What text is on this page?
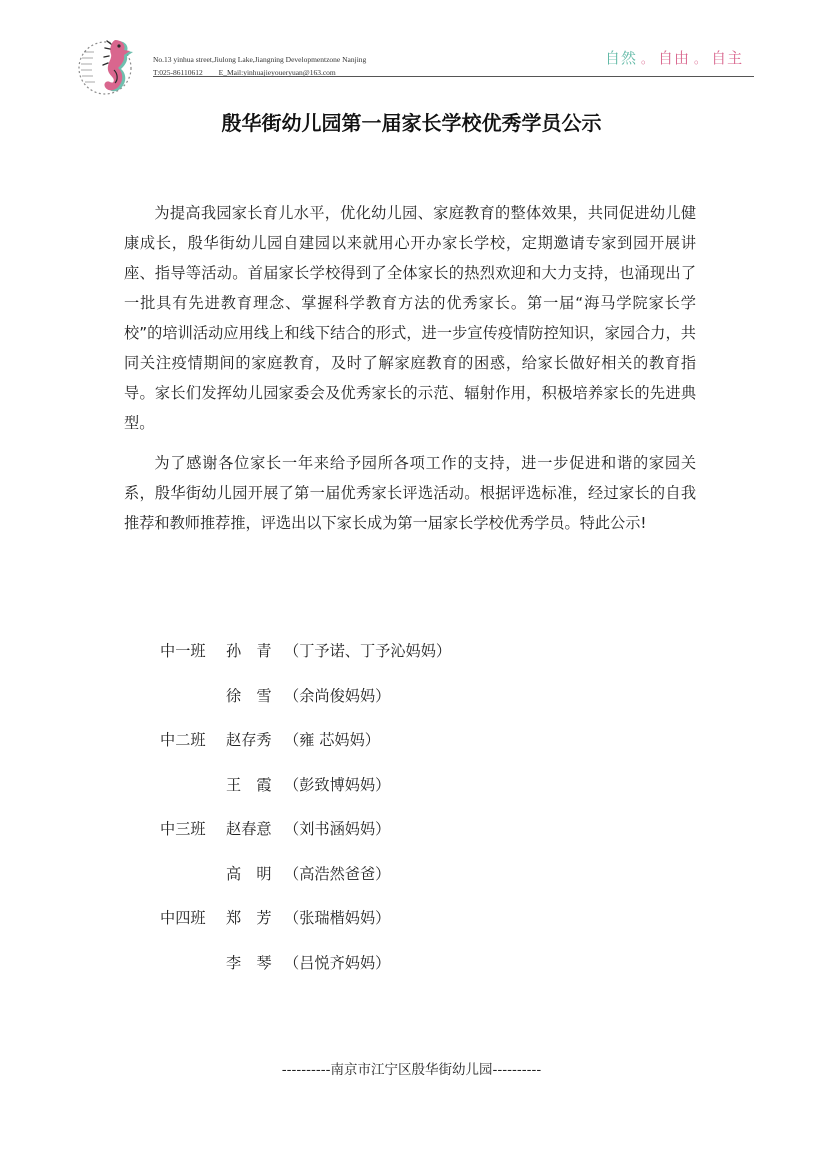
No.13 yinhua street,Jiulong Lake,Jiangning Developmentzone Nanjing
T:025-86110612 E_Mail:yinhuajieyoueryuan@163.com
自然 。 自由 。 自主
殷华街幼儿园第一届家长学校优秀学员公示

为提高我园家长育儿水平，优化幼儿园、家庭教育的整体效果，共同促进幼儿健康成长，殷华街幼儿园自建园以来就用心开办家长学校，定期邀请专家到园开展讲座、指导等活动。首届家长学校得到了全体家长的热烈欢迎和大力支持，也涌现出了一批具有先进教育理念、掌握科学教育方法的优秀家长。第一届“海马学院家长学校”的培训活动应用线上和线下结合的形式，进一步宣传疫情防控知识，家园合力，共同关注疫情期间的家庭教育，及时了解家庭教育的困惑，给家长做好相关的教育指导。家长们发挥幼儿园家委会及优秀家长的示范、辐射作用，积极培养家长的先进典型。

为了感谢各位家长一年来给予园所各项工作的支持，进一步促进和谐的家园关系，殷华街幼儿园开展了第一届优秀家长评选活动。根据评选标准，经过家长的自我推荐和教师推荐推，评选出以下家长成为第一届家长学校优秀学员。特此公示!

中一班 孙　青 （丁予诺、丁予沁妈妈）
徐　雪 （余尚俊妈妈）
中二班 赵存秀 （雍 芯妈妈）
王　霞 （彭致博妈妈）
中三班 赵春意 （刘书涵妈妈）
高　明 （高浩然爸爸）
中四班 郑　芳 （张瑞楷妈妈）
李　琴 （吕悦齐妈妈）
----------南京市江宁区殷华街幼儿园----------
